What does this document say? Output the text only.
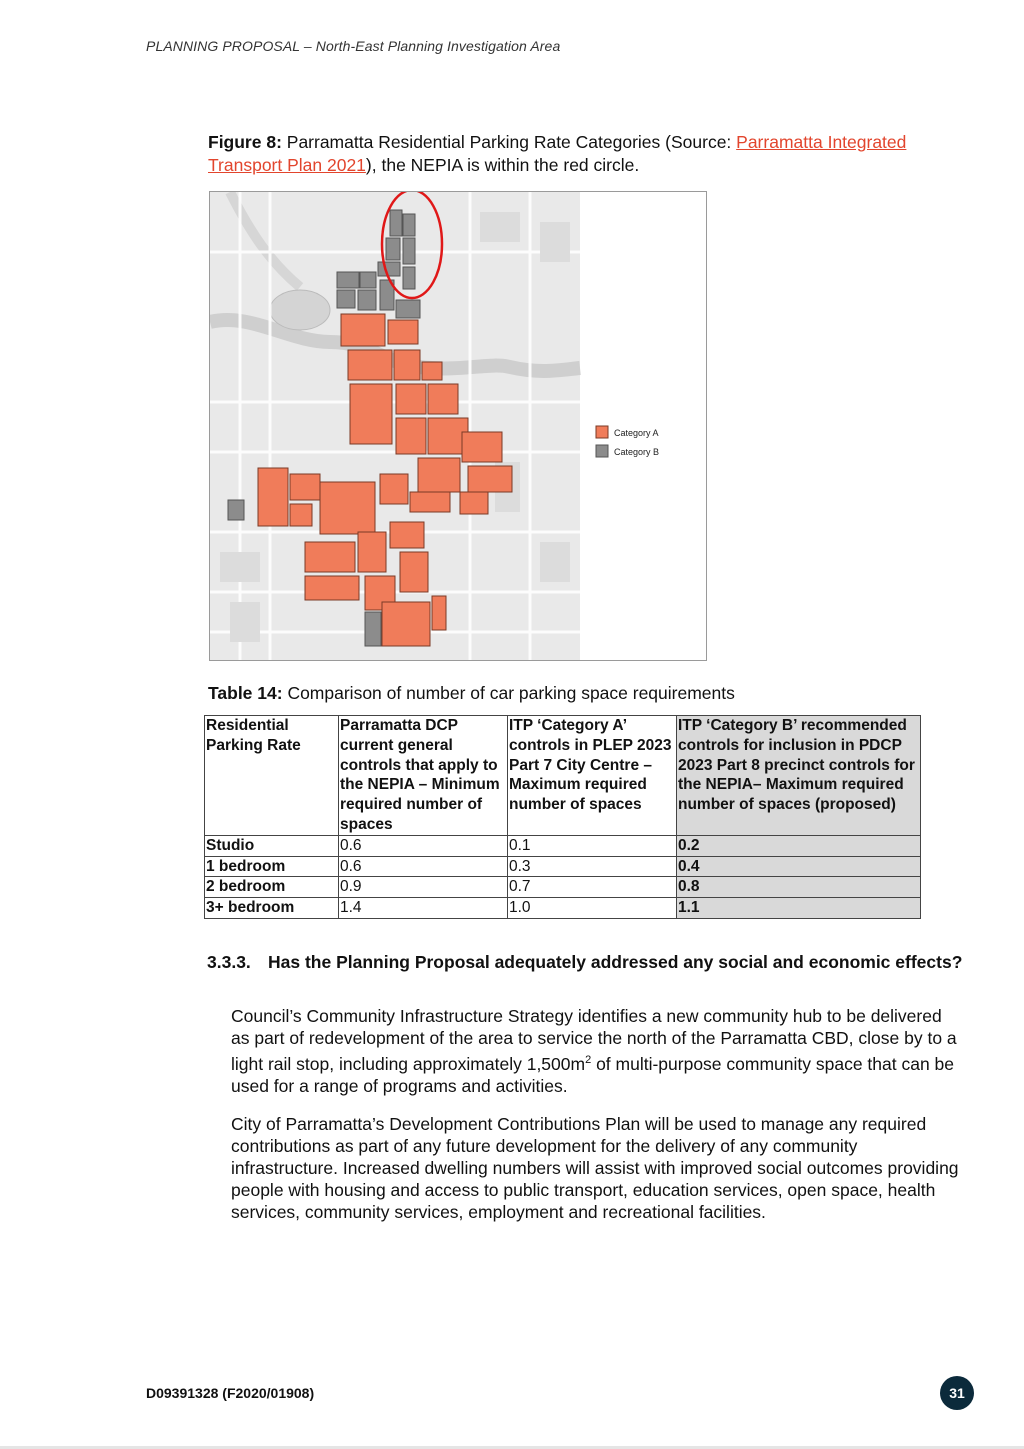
PLANNING PROPOSAL – North-East Planning Investigation Area
Figure 8: Parramatta Residential Parking Rate Categories (Source: Parramatta Integrated Transport Plan 2021), the NEPIA is within the red circle.
Category A
Category B
Table 14: Comparison of number of car parking space requirements
Residential Parking Rate	Parramatta DCP current general controls that apply to the NEPIA – Minimum required number of spaces	ITP ‘Category A’ controls in PLEP 2023 Part 7 City Centre – Maximum required number of spaces	ITP ‘Category B’ recommended controls for inclusion in PDCP 2023 Part 8 precinct controls for the NEPIA– Maximum required number of spaces (proposed)
Studio	0.6	0.1	0.2
1 bedroom	0.6	0.3	0.4
2 bedroom	0.9	0.7	0.8
3+ bedroom	1.4	1.0	1.1
3.3.3. Has the Planning Proposal adequately addressed any social and economic effects?
Council’s Community Infrastructure Strategy identifies a new community hub to be delivered as part of redevelopment of the area to service the north of the Parramatta CBD, close by to a light rail stop, including approximately $1,500m^2$ of multi-purpose community space that can be used for a range of programs and activities.
City of Parramatta’s Development Contributions Plan will be used to manage any required contributions as part of any future development for the delivery of any community infrastructure. Increased dwelling numbers will assist with improved social outcomes providing people with housing and access to public transport, education services, open space, health services, community services, employment and recreational facilities.
D09391328 (F2020/01908)	31
